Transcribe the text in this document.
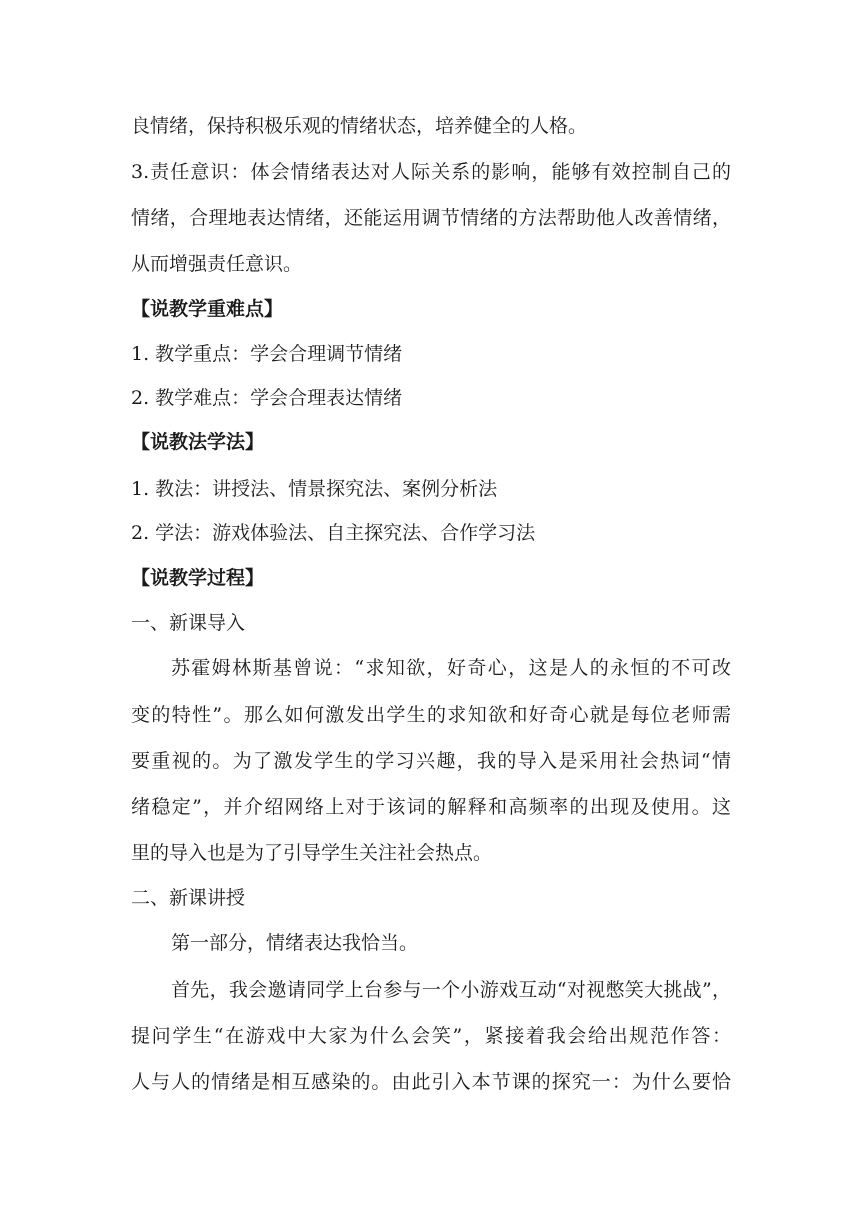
良情绪，保持积极乐观的情绪状态，培养健全的人格。
3.责任意识：体会情绪表达对人际关系的影响，能够有效控制自己的
情绪，合理地表达情绪，还能运用调节情绪的方法帮助他人改善情绪，
从而增强责任意识。
【说教学重难点】
1. 教学重点：学会合理调节情绪
2. 教学难点：学会合理表达情绪
【说教法学法】
1. 教法：讲授法、情景探究法、案例分析法
2. 学法：游戏体验法、自主探究法、合作学习法
【说教学过程】
一、新课导入
苏霍姆林斯基曾说：“求知欲，好奇心，这是人的永恒的不可改
变的特性”。那么如何激发出学生的求知欲和好奇心就是每位老师需
要重视的。为了激发学生的学习兴趣，我的导入是采用社会热词“情
绪稳定”，并介绍网络上对于该词的解释和高频率的出现及使用。这
里的导入也是为了引导学生关注社会热点。
二、新课讲授
第一部分，情绪表达我恰当。
首先，我会邀请同学上台参与一个小游戏互动“对视憋笑大挑战”，
提问学生“在游戏中大家为什么会笑”，紧接着我会给出规范作答：
人与人的情绪是相互感染的。由此引入本节课的探究一：为什么要恰
